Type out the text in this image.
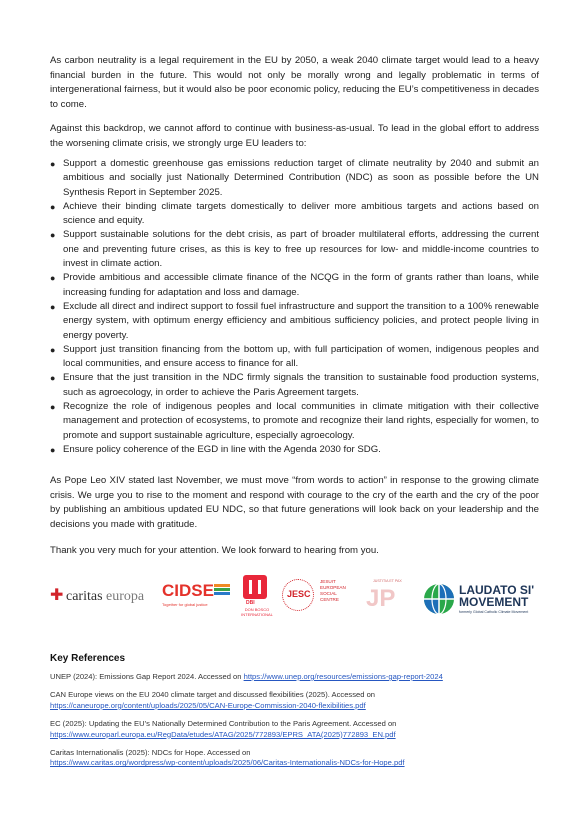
As carbon neutrality is a legal requirement in the EU by 2050, a weak 2040 climate target would lead to a heavy financial burden in the future. This would not only be morally wrong and legally problematic in terms of intergenerational fairness, but it would also be poor economic policy, reducing the EU’s competitiveness in decades to come.

Against this backdrop, we cannot afford to continue with business-as-usual. To lead in the global effort to address the worsening climate crisis, we strongly urge EU leaders to:

● Support a domestic greenhouse gas emissions reduction target of climate neutrality by 2040 and submit an ambitious and socially just Nationally Determined Contribution (NDC) as soon as possible before the UN Synthesis Report in September 2025.
● Achieve their binding climate targets domestically to deliver more ambitious targets and actions based on science and equity.
● Support sustainable solutions for the debt crisis, as part of broader multilateral efforts, addressing the current one and preventing future crises, as this is key to free up resources for low- and middle-income countries to invest in climate action.
● Provide ambitious and accessible climate finance of the NCQG in the form of grants rather than loans, while increasing funding for adaptation and loss and damage.
● Exclude all direct and indirect support to fossil fuel infrastructure and support the transition to a 100% renewable energy system, with optimum energy efficiency and ambitious sufficiency policies, and protect people living in energy poverty.
● Support just transition financing from the bottom up, with full participation of women, indigenous peoples and local communities, and ensure access to finance for all.
● Ensure that the just transition in the NDC firmly signals the transition to sustainable food production systems, such as agroecology, in order to achieve the Paris Agreement targets.
● Recognize the role of indigenous peoples and local communities in climate mitigation with their collective management and protection of ecosystems, to promote and recognize their land rights, especially for women, to promote and support sustainable agriculture, especially agroecology.
● Ensure policy coherence of the EGD in line with the Agenda 2030 for SDG.

As Pope Leo XIV stated last November, we must move “from words to action” in response to the growing climate crisis. We urge you to rise to the moment and respond with courage to the cry of the earth and the cry of the poor by publishing an ambitious updated EU NDC, so that future generations will look back on your leadership and the decisions you made with gratitude.

Thank you very much for your attention. We look forward to hearing from you.

✚ caritas europa CIDSE
Together for global justice	DBI
DON BOSCO
INTERNATIONAL
JESC
JESUIT
EUROPEAN
SOCIAL
CENTRE
JUSTITIA ET PAX
JP	LAUDATO SI'
MOVEMENT
formerly Global Catholic Climate Movement
Key References
UNEP (2024): Emissions Gap Report 2024. Accessed on https://www.unep.org/resources/emissions-gap-report-2024
CAN Europe views on the EU 2040 climate target and discussed flexibilities (2025). Accessed on
https://caneurope.org/content/uploads/2025/05/CAN-Europe-Commission-2040-flexibilities.pdf
EC (2025): Updating the EU’s Nationally Determined Contribution to the Paris Agreement. Accessed on
https://www.europarl.europa.eu/RegData/etudes/ATAG/2025/772893/EPRS_ATA(2025)772893_EN.pdf
Caritas Internationalis (2025): NDCs for Hope. Accessed on
https://www.caritas.org/wordpress/wp-content/uploads/2025/06/Caritas-Internationalis-NDCs-for-Hope.pdf
